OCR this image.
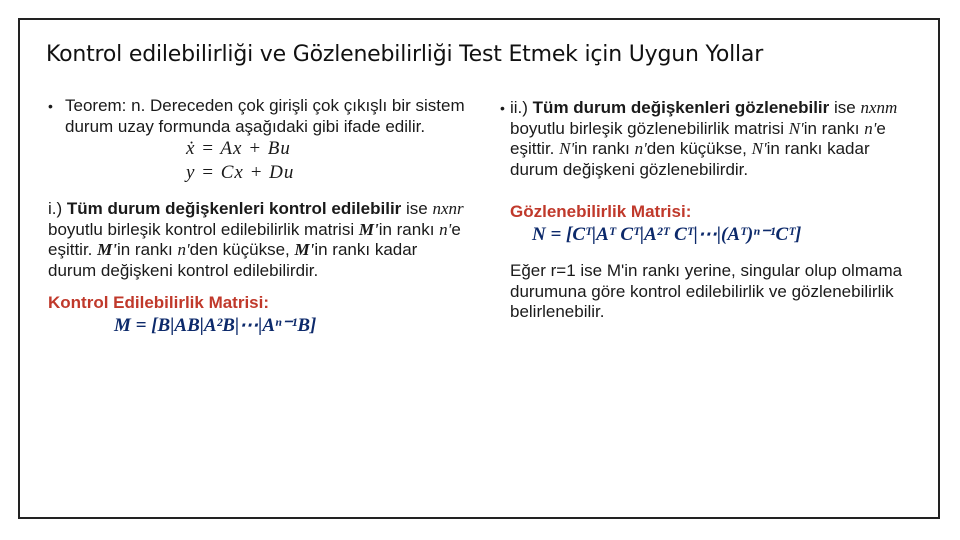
Kontrol edilebilirliği ve Gözlenebilirliği Test Etmek için Uygun Yollar
• Teorem: n. Dereceden çok girişli çok çıkışlı bir sistem durum uzay formunda aşağıdaki gibi ifade edilir.
ẋ = Ax + Bu
y = Cx + Du
i.) Tüm durum değişkenleri kontrol edilebilir ise nxnr boyutlu birleşik kontrol edilebilirlik matrisi M'in rankı n'e eşittir. M'in rankı n'den küçükse, M'in rankı kadar durum değişkeni kontrol edilebilirdir.
Kontrol Edilebilirlik Matrisi:
M = [B|AB|A²B|⋯|Aⁿ⁻¹B]
• ii.) Tüm durum değişkenleri gözlenebilir ise nxnm boyutlu birleşik gözlenebilirlik matrisi N'in rankı n'e eşittir. N'in rankı n'den küçükse, N'in rankı kadar durum değişkeni gözlenebilirdir.
Gözlenebilirlik Matrisi:
N = [Cᵀ|Aᵀ Cᵀ|A²ᵀ Cᵀ|⋯|(Aᵀ)ⁿ⁻¹Cᵀ]
Eğer r=1 ise M'in rankı yerine, singular olup olmama durumuna göre kontrol edilebilirlik ve gözlenebilirlik belirlenebilir.
